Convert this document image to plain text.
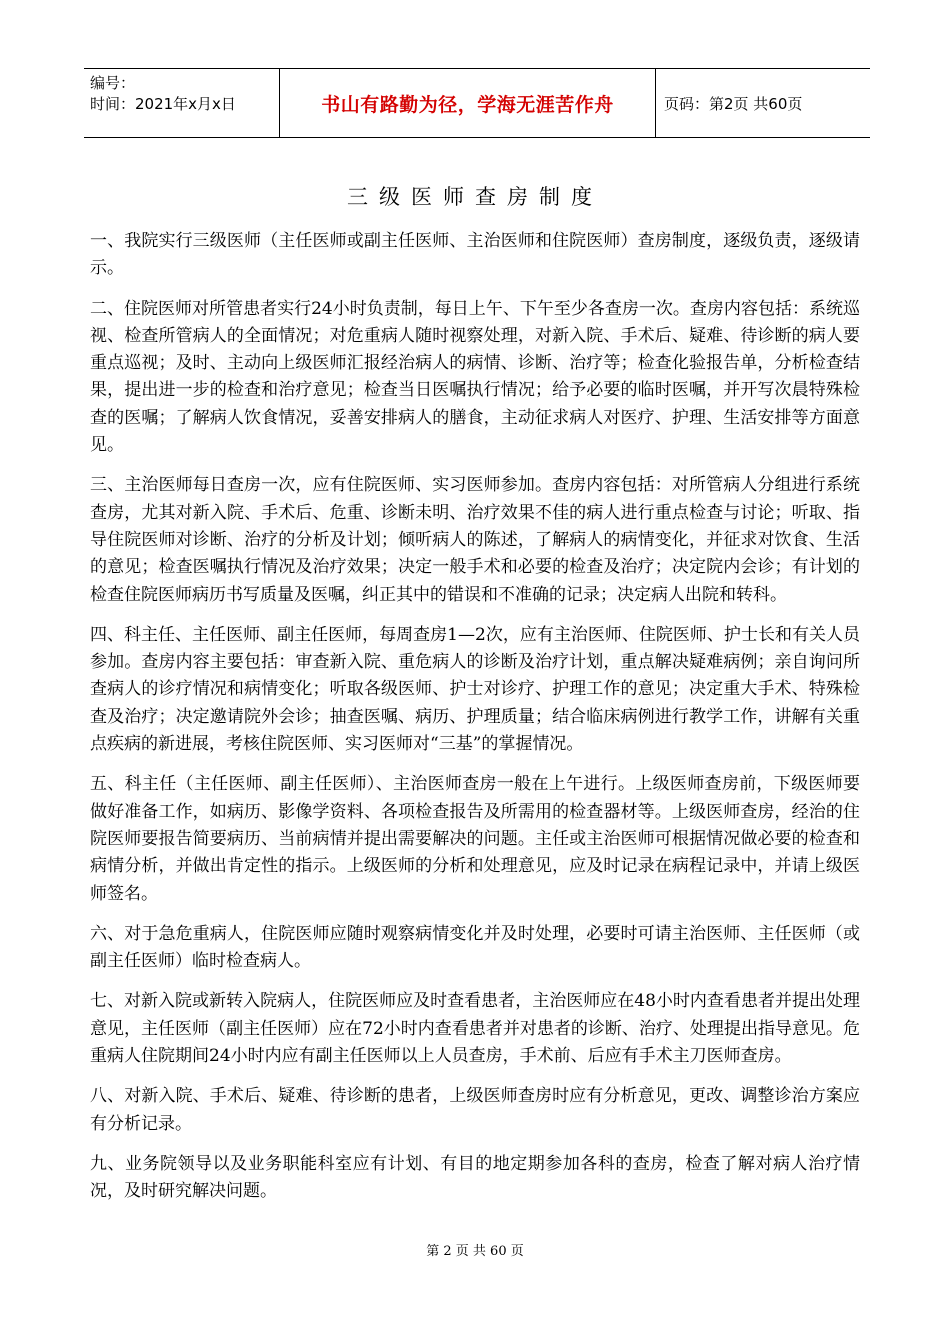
编号：
时间：2021年x月x日	书山有路勤为径，学海无涯苦作舟	页码：第2页 共60页
三级医师查房制度

一、我院实行三级医师（主任医师或副主任医师、主治医师和住院医师）查房制度，逐级负责，逐级请示。

二、住院医师对所管患者实行24小时负责制，每日上午、下午至少各查房一次。查房内容包括：系统巡视、检查所管病人的全面情况；对危重病人随时视察处理，对新入院、手术后、疑难、待诊断的病人要重点巡视；及时、主动向上级医师汇报经治病人的病情、诊断、治疗等；检查化验报告单，分析检查结果，提出进一步的检查和治疗意见；检查当日医嘱执行情况；给予必要的临时医嘱，并开写次晨特殊检查的医嘱；了解病人饮食情况，妥善安排病人的膳食，主动征求病人对医疗、护理、生活安排等方面意见。

三、主治医师每日查房一次，应有住院医师、实习医师参加。查房内容包括：对所管病人分组进行系统查房，尤其对新入院、手术后、危重、诊断未明、治疗效果不佳的病人进行重点检查与讨论；听取、指导住院医师对诊断、治疗的分析及计划；倾听病人的陈述，了解病人的病情变化，并征求对饮食、生活的意见；检查医嘱执行情况及治疗效果；决定一般手术和必要的检查及治疗；决定院内会诊；有计划的检查住院医师病历书写质量及医嘱，纠正其中的错误和不准确的记录；决定病人出院和转科。

四、科主任、主任医师、副主任医师，每周查房1—2次，应有主治医师、住院医师、护士长和有关人员参加。查房内容主要包括：审查新入院、重危病人的诊断及治疗计划，重点解决疑难病例；亲自询问所查病人的诊疗情况和病情变化；听取各级医师、护士对诊疗、护理工作的意见；决定重大手术、特殊检查及治疗；决定邀请院外会诊；抽查医嘱、病历、护理质量；结合临床病例进行教学工作，讲解有关重点疾病的新进展，考核住院医师、实习医师对“三基”的掌握情况。

五、科主任（主任医师、副主任医师）、主治医师查房一般在上午进行。上级医师查房前，下级医师要做好准备工作，如病历、影像学资料、各项检查报告及所需用的检查器材等。上级医师查房，经治的住院医师要报告简要病历、当前病情并提出需要解决的问题。主任或主治医师可根据情况做必要的检查和病情分析，并做出肯定性的指示。上级医师的分析和处理意见，应及时记录在病程记录中，并请上级医师签名。

六、对于急危重病人，住院医师应随时观察病情变化并及时处理，必要时可请主治医师、主任医师（或副主任医师）临时检查病人。

七、对新入院或新转入院病人，住院医师应及时查看患者，主治医师应在48小时内查看患者并提出处理意见，主任医师（副主任医师）应在72小时内查看患者并对患者的诊断、治疗、处理提出指导意见。危重病人住院期间24小时内应有副主任医师以上人员查房，手术前、后应有手术主刀医师查房。

八、对新入院、手术后、疑难、待诊断的患者，上级医师查房时应有分析意见，更改、调整诊治方案应有分析记录。

九、业务院领导以及业务职能科室应有计划、有目的地定期参加各科的查房，检查了解对病人治疗情况，及时研究解决问题。

第 2 页 共 60 页
